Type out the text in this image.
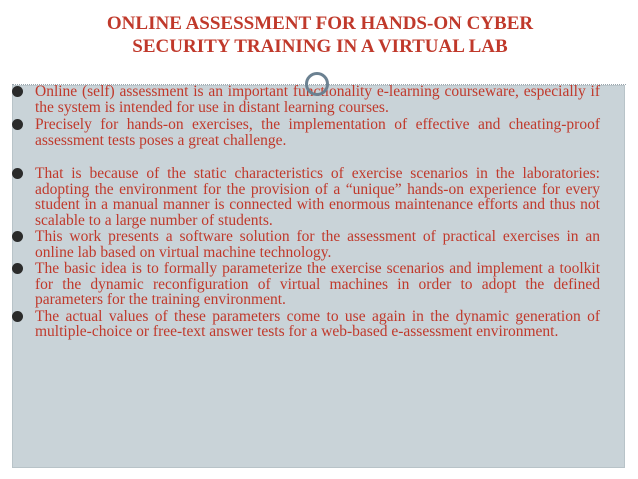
ONLINE ASSESSMENT FOR HANDS-ON CYBER
SECURITY TRAINING IN A VIRTUAL LAB
Online (self) assessment is an important functionality e-learning courseware, especially if the system is intended for use in distant learning courses.
Precisely for hands-on exercises, the implementation of effective and cheating-proof assessment tests poses a great challenge.
That is because of the static characteristics of exercise scenarios in the laboratories: adopting the environment for the provision of a “unique” hands-on experience for every student in a manual manner is connected with enormous maintenance efforts and thus not scalable to a large number of students.
This work presents a software solution for the assessment of practical exercises in an online lab based on virtual machine technology.
The basic idea is to formally parameterize the exercise scenarios and implement a toolkit for the dynamic reconfiguration of virtual machines in order to adopt the defined parameters for the training environment.
The actual values of these parameters come to use again in the dynamic generation of multiple-choice or free-text answer tests for a web-based e-assessment environment.
